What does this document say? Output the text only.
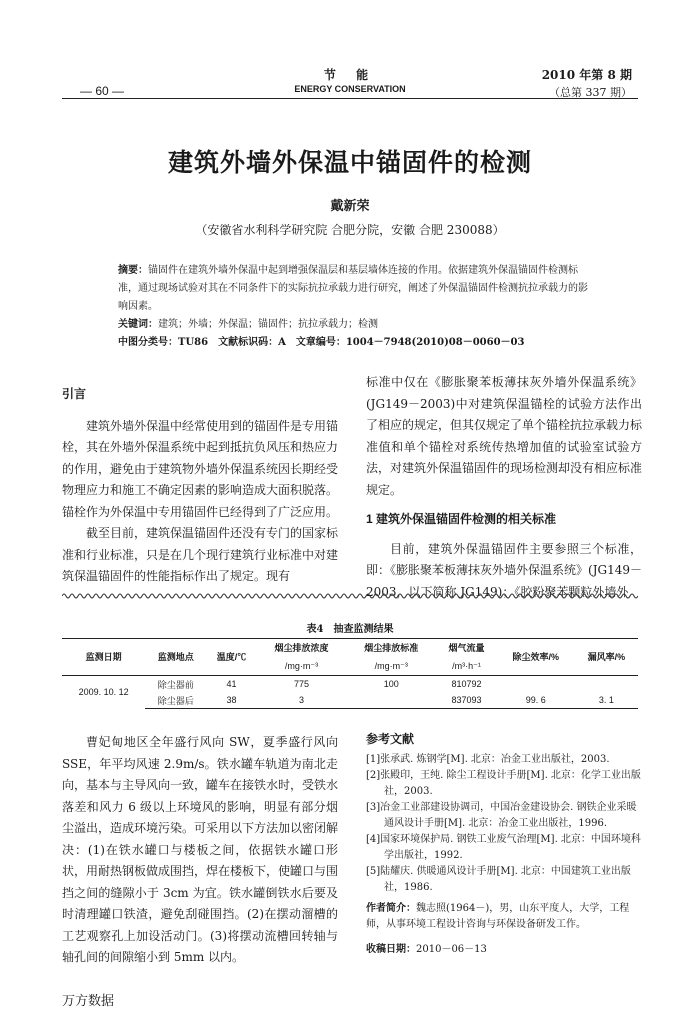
节 能
ENERGY CONSERVATION
— 60 —
2010 年第 8 期
（总第 337 期）
建筑外墙外保温中锚固件的检测
戴新荣
（安徽省水利科学研究院 合肥分院，安徽 合肥 230088）

摘要：锚固件在建筑外墙外保温中起到增强保温层和基层墙体连接的作用。依据建筑外保温锚固件检测标准，通过现场试验对其在不同条件下的实际抗拉承载力进行研究，阐述了外保温锚固件检测抗拉承载力的影响因素。

关键词：建筑；外墙；外保温；锚固件；抗拉承载力；检测

中图分类号：TU86　文献标识码：A　文章编号：1004－7948(2010)08－0060－03

引言

建筑外墙外保温中经常使用到的锚固件是专用锚栓，其在外墙外保温系统中起到抵抗负风压和热应力的作用，避免由于建筑物外墙外保温系统因长期经受物理应力和施工不确定因素的影响造成大面积脱落。锚栓作为外保温中专用锚固件已经得到了广泛应用。

截至目前，建筑保温锚固件还没有专门的国家标准和行业标准，只是在几个现行建筑行业标准中对建筑保温锚固件的性能指标作出了规定。现有

标准中仅在《膨胀聚苯板薄抹灰外墙外保温系统》(JG149－2003)中对建筑保温锚栓的试验方法作出了相应的规定，但其仅规定了单个锚栓抗拉承载力标准值和单个锚栓对系统传热增加值的试验室试验方法，对建筑外保温锚固件的现场检测却没有相应标准规定。

1 建筑外保温锚固件检测的相关标准

目前，建筑外保温锚固件主要参照三个标准，即：《膨胀聚苯板薄抹灰外墙外保温系统》(JG149－2003，以下简称 JG149)；《胶粉聚苯颗粒外墙外

表4　抽查监测结果
监测日期	监测地点	温度/℃	烟尘排放浓度	烟尘排放标准	烟气流量	除尘效率/%	漏风率/%
			/mg·m⁻³	/mg·m⁻³	/m³·h⁻¹		
2009. 10. 12	除尘器前	41	775	100	810792		
	除尘器后	38	3		837093	99. 6	3. 1

曹妃甸地区全年盛行风向 SW，夏季盛行风向 SSE，年平均风速 2.9m/s。铁水罐车轨道为南北走向，基本与主导风向一致，罐车在接铁水时，受铁水落差和风力 6 级以上环境风的影响，明显有部分烟尘溢出，造成环境污染。可采用以下方法加以密闭解决：(1)在铁水罐口与楼板之间，依据铁水罐口形状，用耐热钢板做成围挡，焊在楼板下，使罐口与围挡之间的缝隙小于 3cm 为宜。铁水罐倒铁水后要及时清理罐口铁渣，避免刮碰围挡。(2)在摆动溜槽的工艺观察孔上加设活动门。(3)将摆动流槽回转轴与轴孔间的间隙缩小到 5mm 以内。

参考文献

[1]张承武. 炼钢学[M]. 北京：冶金工业出版社，2003.

[2]张殿印，王纯. 除尘工程设计手册[M]. 北京：化学工业出版社，2003.

[3]冶金工业部建设协调司，中国冶金建设协会. 钢铁企业采暖通风设计手册[M]. 北京：冶金工业出版社，1996.

[4]国家环境保护局. 钢铁工业废气治理[M]. 北京：中国环境科学出版社，1992.

[5]陆耀庆. 供暖通风设计手册[M]. 北京：中国建筑工业出版社，1986.

作者简介：魏志照(1964－)，男，山东平度人，大学，工程师，从事环境工程设计咨询与环保设备研发工作。

收稿日期：2010－06－13

万方数据
